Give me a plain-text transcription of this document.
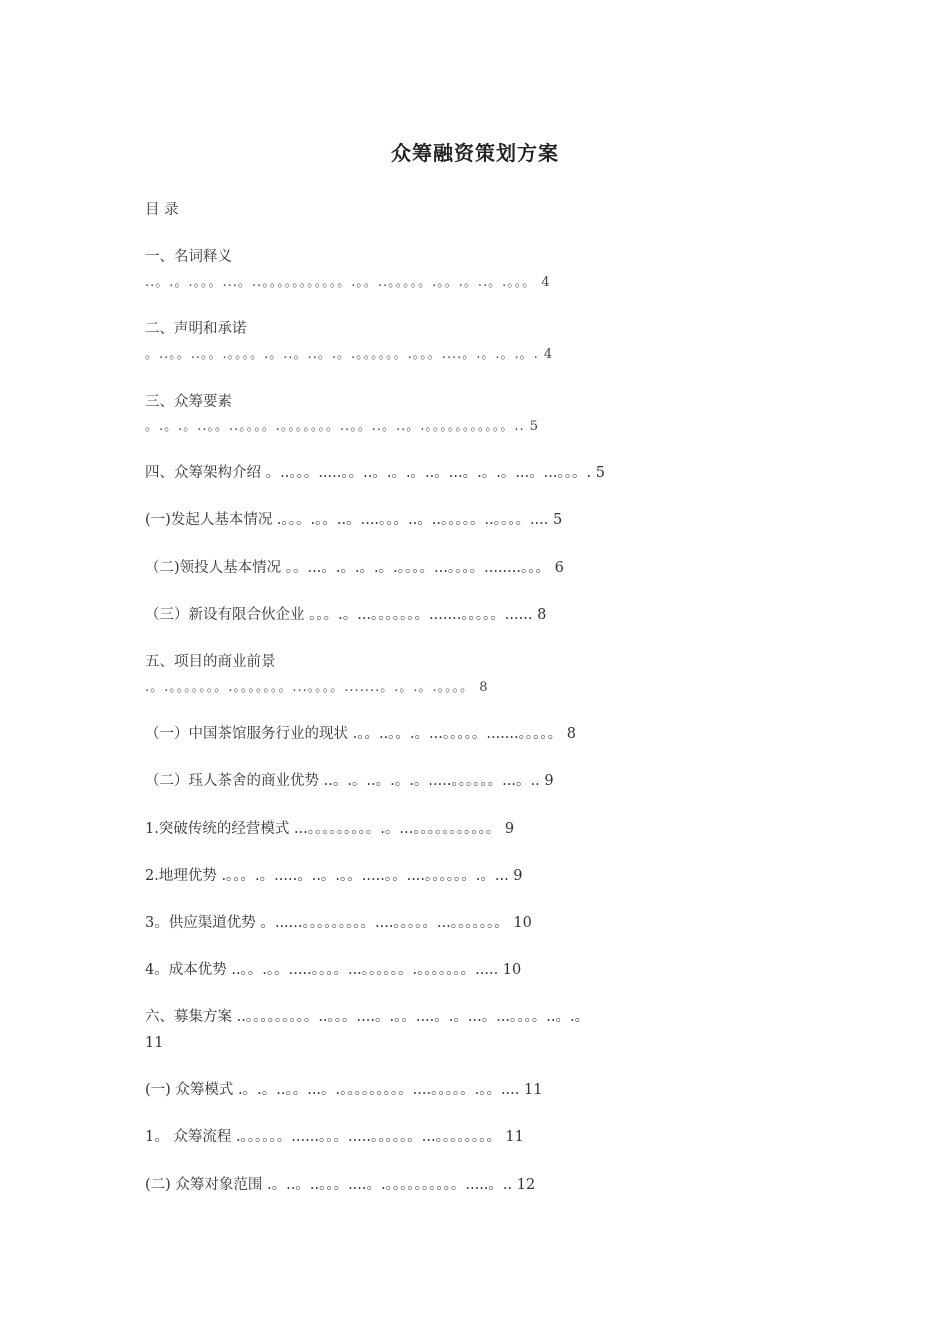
众筹融资策划方案
目 录
一、名词释义
..。.。.。。。...。..。。。。。。。。。。。.。。..。。。。。.。。.。..。.。。。 4
二、声明和承诺
。..。。..。。.。。。。.。..。..。.。.。。。。。。.。。。....。.。.。.。. 4
三、众筹要素
。.。.。..。。..。。。。.。。。。。。。..。。..。..。.。。。。。。。。。。。.. 5
四、众筹架构介绍 。..。。。.....。。..。.。.。..。...。.。.。...。...。。。. 5
(一)发起人基本情况 .。。。.。。..。....。。。..。..。。。。。..。。。。.... 5
（二)领投人基本情况 。。...。.。.。.。.。。。。...。。。。........。。。 6
（三）新设有限合伙企业 。。。.。...。。。。。。。.......。。。。。...... 8
五、项目的商业前景
.。.。。。。。。。.。。。。。。。...。。。。.......。.。.。.。。。。 8
（一）中国茶馆服务行业的现状 .。。..。。.。...。。。。。.......。。。。。 8
（二）珏人茶舍的商业优势 ..。.。..。.。.。.....。。。。。。...。.. 9
1.突破传统的经营模式 ...。。。。。。。。。.。...。。。。。。。。。。。 9
2.地理优势 .。。。.。.....。..。.。。.....。。....。。。。。。.。... 9
3。供应渠道优势 。......。。。。。。。。。....。。。。。...。。。。。。。 10
4。成本优势 ..。。.。。.....。。。。...。。。。。。.。。。。。。。..... 10
六、募集方案 ..。。。。。。。。。..。。。....。.。。....。.。...。...。。。。..。.。
11
(一) 众筹模式 .。.。..。。...。.。。。。。。。。。....。。。。。.。。.... 11
1。 众筹流程 .。。。。。。......。。。.....。。。。。。...。。。。。。。。 11
(二) 众筹对象范围 .。..。..。。。....。.。。。。。。。。。。.....。.. 12
